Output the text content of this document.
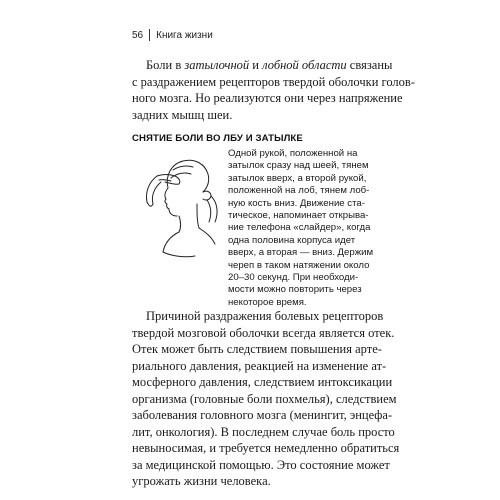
56 Книга жизни
Боли в затылочной и лобной области связаны
с раздражением рецепторов твердой оболочки голов-
ного мозга. Но реализуются они через напряжение
задних мышц шеи.
СНЯТИЕ БОЛИ ВО ЛБУ И ЗАТЫЛКЕ
Одной рукой, положенной на
затылок сразу над шеей, тянем
затылок вверх, а второй рукой,
положенной на лоб, тянем лоб-
ную кость вниз. Движение ста-
тическое, напоминает открыва-
ние телефона «слайдер», когда
одна половина корпуса идет
вверх, а вторая — вниз. Держим
череп в таком натяжении около
20–30 секунд. При необходи-
мости можно повторить через
некоторое время.
Причиной раздражения болевых рецепторов
твердой мозговой оболочки всегда является отек.
Отек может быть следствием повышения арте-
риального давления, реакцией на изменение ат-
мосферного давления, следствием интоксикации
организма (головные боли похмелья), следствием
заболевания головного мозга (менингит, энцефа-
лит, онкология). В последнем случае боль просто
невыносимая, и требуется немедленно обратиться
за медицинской помощью. Это состояние может
угрожать жизни человека.
